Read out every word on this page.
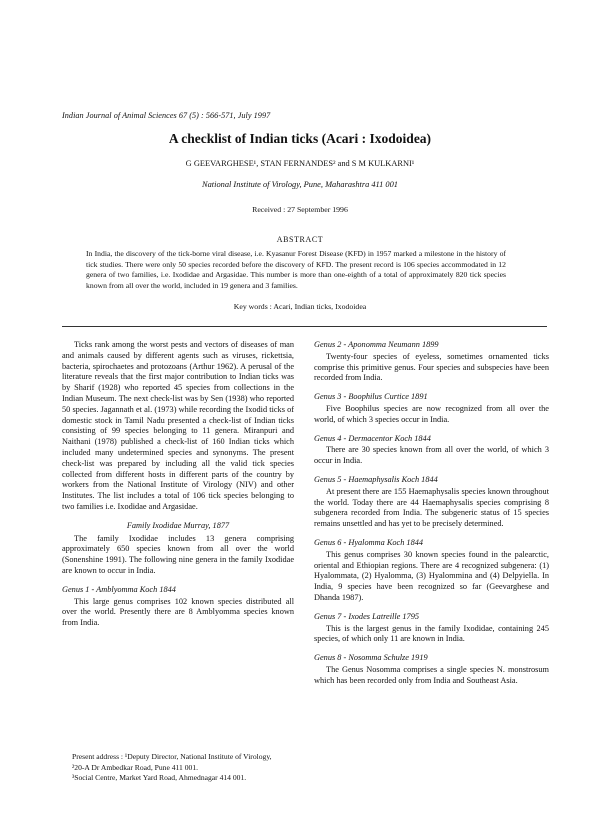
Indian Journal of Animal Sciences 67 (5) : 566-571, July 1997
A checklist of Indian ticks (Acari : Ixodoidea)
G GEEVARGHESE¹, STAN FERNANDES² and S M KULKARNI¹
National Institute of Virology, Pune, Maharashtra 411 001
Received : 27 September 1996
ABSTRACT
In India, the discovery of the tick-borne viral disease, i.e. Kyasanur Forest Disease (KFD) in 1957 marked a milestone in the history of tick studies. There were only 50 species recorded before the discovery of KFD. The present record is 106 species accommodated in 12 genera of two families, i.e. Ixodidae and Argasidae. This number is more than one-eighth of a total of approximately 820 tick species known from all over the world, included in 19 genera and 3 families.
Key words : Acari, Indian ticks, Ixodoidea

Ticks rank among the worst pests and vectors of diseases of man and animals caused by different agents such as viruses, rickettsia, bacteria, spirochaetes and protozoans (Arthur 1962). A perusal of the literature reveals that the first major contribution to Indian ticks was by Sharif (1928) who reported 45 species from collections in the Indian Museum. The next check-list was by Sen (1938) who reported 50 species. Jagannath et al. (1973) while recording the Ixodid ticks of domestic stock in Tamil Nadu presented a check-list of Indian ticks consisting of 99 species belonging to 11 genera. Miranpuri and Naithani (1978) published a check-list of 160 Indian ticks which included many undetermined species and synonyms. The present check-list was prepared by including all the valid tick species collected from different hosts in different parts of the country by workers from the National Institute of Virology (NIV) and other Institutes. The list includes a total of 106 tick species belonging to two families i.e. Ixodidae and Argasidae.

Family Ixodidae Murray, 1877

The family Ixodidae includes 13 genera comprising approximately 650 species known from all over the world (Sonenshine 1991). The following nine genera in the family Ixodidae are known to occur in India.

Genus 1 - Amblyomma Koch 1844

This large genus comprises 102 known species distributed all over the world. Presently there are 8 Amblyomma species known from India.

Present address : ¹Deputy Director, National Institute of Virology,
²20-A Dr Ambedkar Road, Pune 411 001.
³Social Centre, Market Yard Road, Ahmednagar 414 001.
Genus 2 - Aponomma Neumann 1899

Twenty-four species of eyeless, sometimes ornamented ticks comprise this primitive genus. Four species and subspecies have been recorded from India.

Genus 3 - Boophilus Curtice 1891

Five Boophilus species are now recognized from all over the world, of which 3 species occur in India.

Genus 4 - Dermacentor Koch 1844

There are 30 species known from all over the world, of which 3 occur in India.

Genus 5 - Haemaphysalis Koch 1844

At present there are 155 Haemaphysalis species known throughout the world. Today there are 44 Haemaphysalis species comprising 8 subgenera recorded from India. The subgeneric status of 15 species remains unsettled and has yet to be precisely determined.

Genus 6 - Hyalomma Koch 1844

This genus comprises 30 known species found in the palearctic, oriental and Ethiopian regions. There are 4 recognized subgenera: (1) Hyalommata, (2) Hyalomma, (3) Hyalommina and (4) Delpyiella. In India, 9 species have been recognized so far (Geevarghese and Dhanda 1987).

Genus 7 - Ixodes Latreille 1795

This is the largest genus in the family Ixodidae, containing 245 species, of which only 11 are known in India.

Genus 8 - Nosomma Schulze 1919

The Genus Nosomma comprises a single species N. monstrosum which has been recorded only from India and Southeast Asia.
